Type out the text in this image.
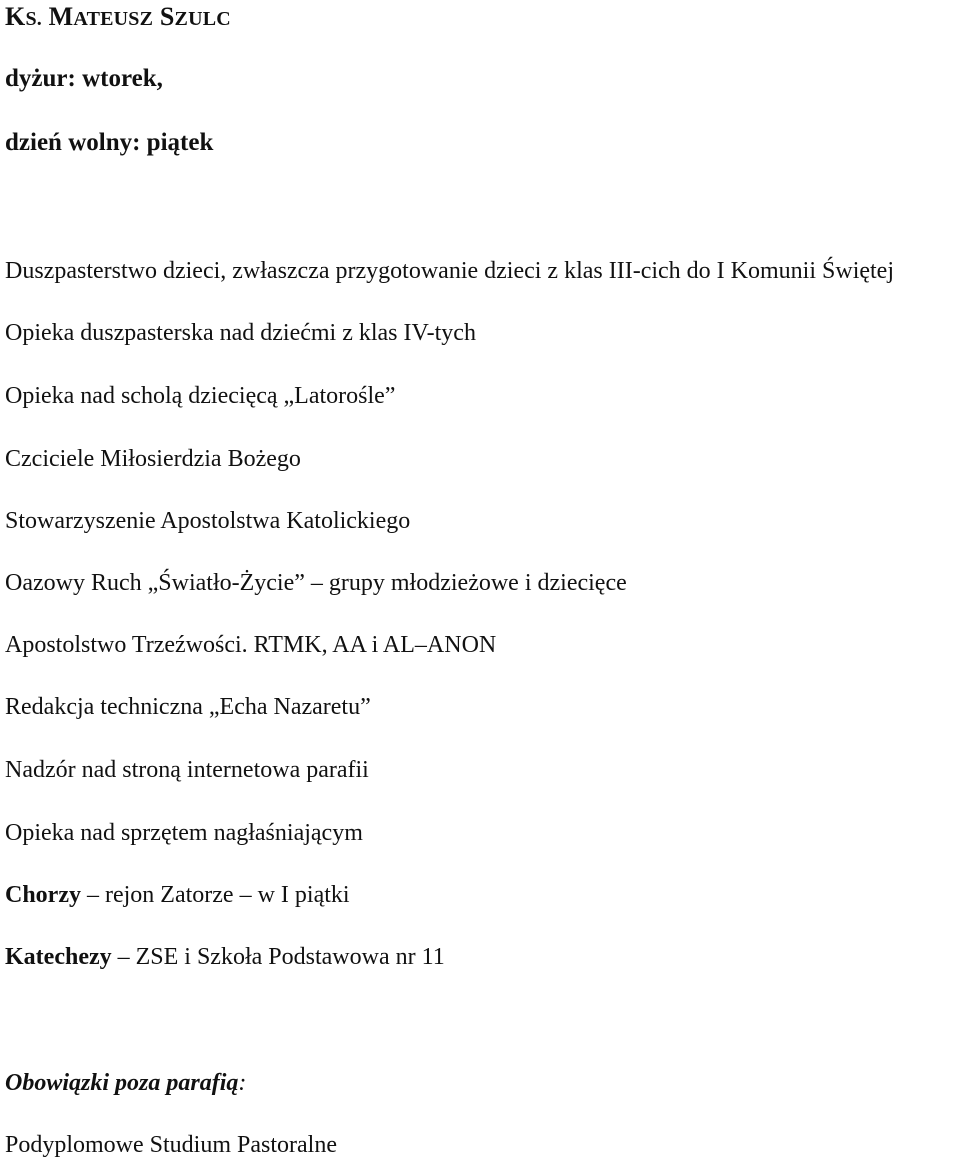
KS. MATEUSZ SZULC
dyżur: wtorek,
dzień wolny: piątek
Duszpasterstwo dzieci, zwłaszcza przygotowanie dzieci z klas III-cich do I Komunii Świętej
Opieka duszpasterska nad dziećmi z klas IV-tych
Opieka nad scholą dziecięcą „Latorośle”
Czciciele Miłosierdzia Bożego
Stowarzyszenie Apostolstwa Katolickiego
Oazowy Ruch „Światło-Życie” – grupy młodzieżowe i dziecięce
Apostolstwo Trzeźwości. RTMK, AA i AL–ANON
Redakcja techniczna „Echa Nazaretu”
Nadzór nad stroną internetowa parafii
Opieka nad sprzętem nagłaśniającym
Chorzy – rejon Zatorze – w I piątki
Katechezy – ZSE i Szkoła Podstawowa nr 11
Obowiązki poza parafią:
Podyplomowe Studium Pastoralne
